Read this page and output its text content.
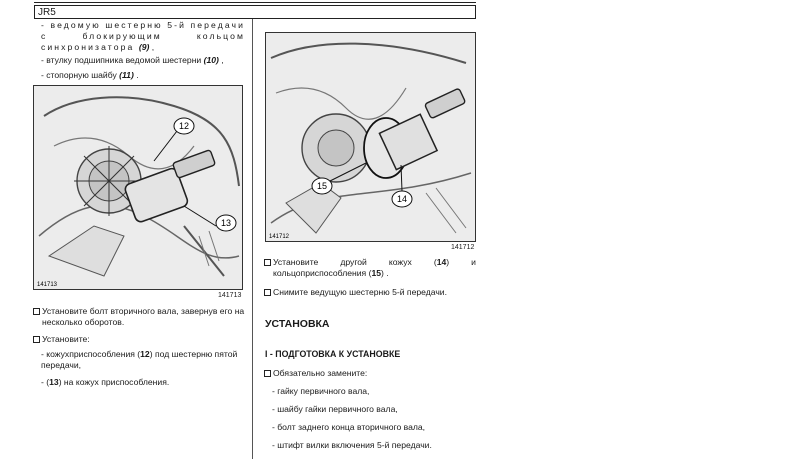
JR5
- ведомую шестерню 5-й передачи с блокирующим кольцом синхронизатора (9) ,
- втулку подшипника ведомой шестерни (10) ,
- стопорную шайбу (11) .
12
13
141713
141713
Установите болт вторичного вала, завернув его на несколько оборотов.
Установите:
- кожухприспособления (12) под шестерню пятой передачи,
- (13) на кожух приспособления.
15
14
141712
141712
Установите другой кожух (14) и кольцоприспособления (15) .
Снимите ведущую шестерню 5-й передачи.
УСТАНОВКА
I - ПОДГОТОВКА К УСТАНОВКЕ
Обязательно замените:
- гайку первичного вала,
- шайбу гайки первичного вала,
- болт заднего конца вторичного вала,
- штифт вилки включения 5-й передачи.
